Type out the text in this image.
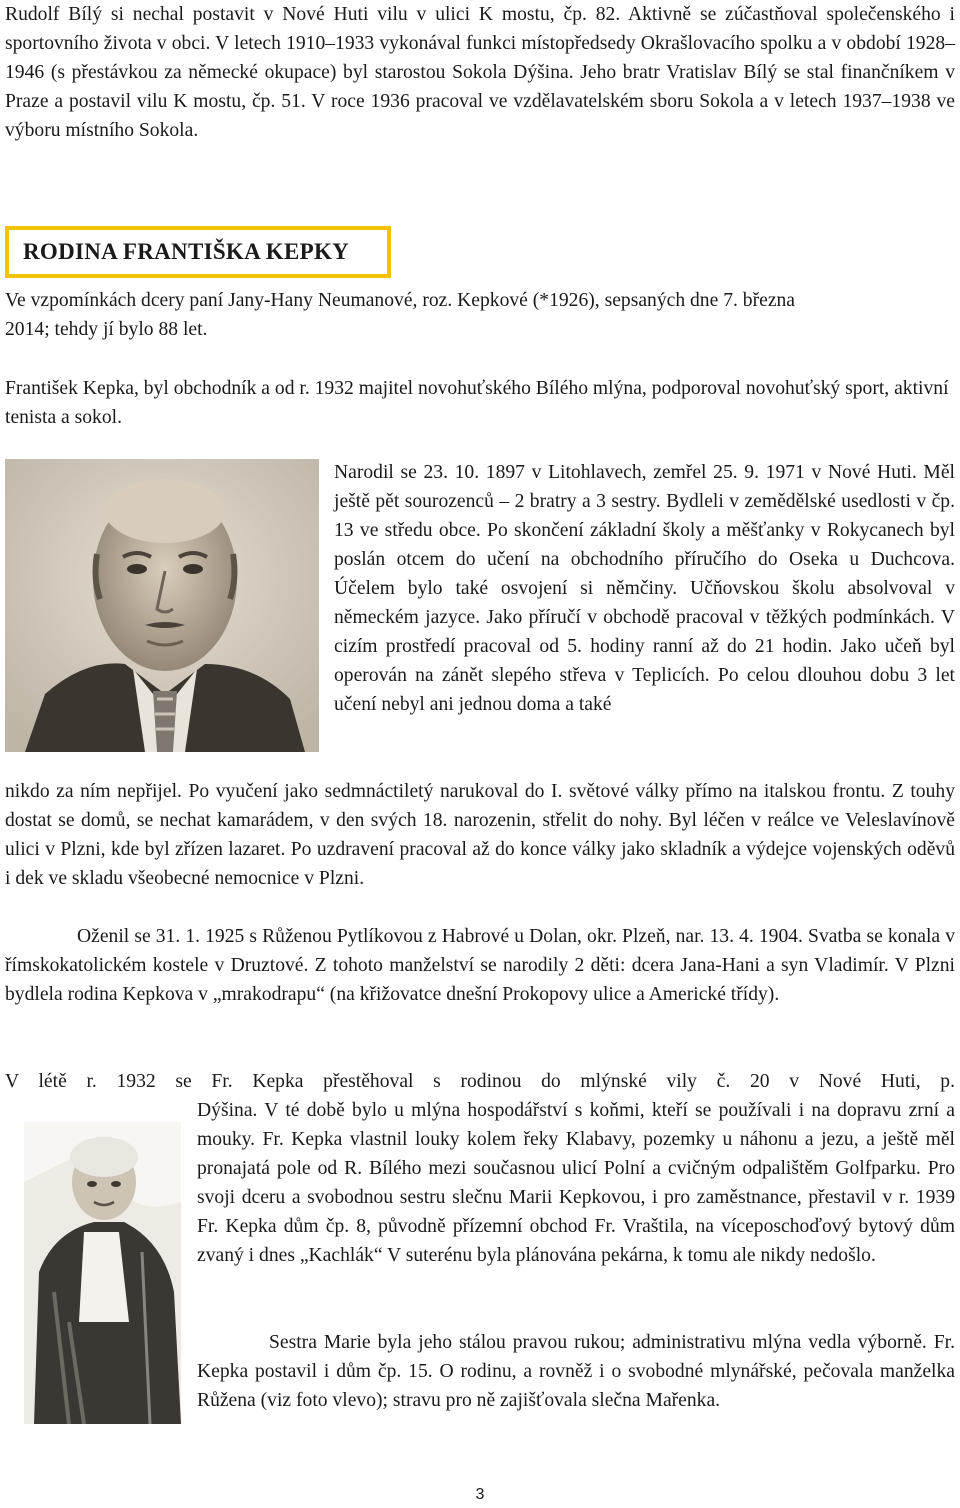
Rudolf Bílý si nechal postavit v Nové Huti vilu v ulici K mostu, čp. 82. Aktivně se zúčastňoval společenského i sportovního života v obci. V letech 1910–1933 vykonával funkci místopředsedy Okrašlovacího spolku a v období 1928–1946 (s přestávkou za německé okupace) byl starostou Sokola Dýšina. Jeho bratr Vratislav Bílý se stal finančníkem v Praze a postavil vilu K mostu, čp. 51. V roce 1936 pracoval ve vzdělavatelském sboru Sokola a v letech 1937–1938 ve výboru místního Sokola.

RODINA FRANTIŠKA KEPKY

Ve vzpomínkách dcery paní Jany-Hany Neumanové, roz. Kepkové (*1926), sepsaných dne 7. března 2014; tehdy jí bylo 88 let.

František Kepka, byl obchodník a od r. 1932 majitel novohuťského Bílého mlýna, podporoval novohuťský sport, aktivní tenista a sokol.

Narodil se 23. 10. 1897 v Litohlavech, zemřel 25. 9. 1971 v Nové Huti. Měl ještě pět sourozenců – 2 bratry a 3 sestry. Bydleli v zemědělské usedlosti v čp. 13 ve středu obce. Po skončení základní školy a měšťanky v Rokycanech byl poslán otcem do učení na obchodního příručího do Oseka u Duchcova. Účelem bylo také osvojení si němčiny. Učňovskou školu absolvoval v německém jazyce. Jako příručí v obchodě pracoval v těžkých podmínkách. V cizím prostředí pracoval od 5. hodiny ranní až do 21 hodin. Jako učeň byl operován na zánět slepého střeva v Teplicích. Po celou dlouhou dobu 3 let učení nebyl ani jednou doma a také

nikdo za ním nepřijel. Po vyučení jako sedmnáctiletý narukoval do I. světové války přímo na italskou frontu. Z touhy dostat se domů, se nechat kamarádem, v den svých 18. narozenin, střelit do nohy. Byl léčen v reálce ve Veleslavínově ulici v Plzni, kde byl zřízen lazaret. Po uzdravení pracoval až do konce války jako skladník a výdejce vojenských oděvů i dek ve skladu všeobecné nemocnice v Plzni.

Oženil se 31. 1. 1925 s Růženou Pytlíkovou z Habrové u Dolan, okr. Plzeň, nar. 13. 4. 1904. Svatba se konala v římskokatolickém kostele v Druztové. Z tohoto manželství se narodily 2 děti: dcera Jana-Hani a syn Vladimír. V Plzni bydlela rodina Kepkova v „mrakodrapu“ (na křižovatce dnešní Prokopovy ulice a Americké třídy).

V létě r. 1932 se Fr. Kepka přestěhoval s rodinou do mlýnské vily č. 20 v Nové Huti, p.

Dýšina. V té době bylo u mlýna hospodářství s koňmi, kteří se používali i na dopravu zrní a mouky. Fr. Kepka vlastnil louky kolem řeky Klabavy, pozemky u náhonu a jezu, a ještě měl pronajatá pole od R. Bílého mezi současnou ulicí Polní a cvičným odpalištěm Golfparku. Pro svoji dceru a svobodnou sestru slečnu Marii Kepkovou, i pro zaměstnance, přestavil v r. 1939 Fr. Kepka dům čp. 8, původně přízemní obchod Fr. Vraštila, na víceposchoďový bytový dům zvaný i dnes „Kachlák“ V suterénu byla plánována pekárna, k tomu ale nikdy nedošlo.

Sestra Marie byla jeho stálou pravou rukou; administrativu mlýna vedla výborně. Fr. Kepka postavil i dům čp. 15. O rodinu, a rovněž i o svobodné mlynářské, pečovala manželka Růžena (viz foto vlevo); stravu pro ně zajišťovala slečna Mařenka.

3
